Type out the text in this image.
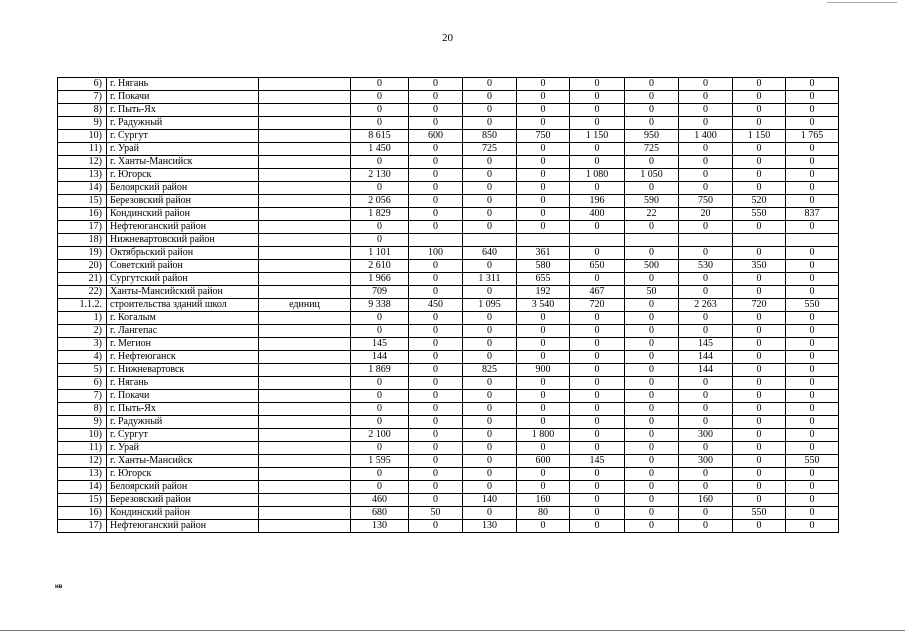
20
6)	г. Нягань		0	0	0	0	0	0	0	0	0
7)	г. Покачи		0	0	0	0	0	0	0	0	0
8)	г. Пыть-Ях		0	0	0	0	0	0	0	0	0
9)	г. Радужный		0	0	0	0	0	0	0	0	0
10)	г. Сургут		8 615	600	850	750	1 150	950	1 400	1 150	1 765
11)	г. Урай		1 450	0	725	0	0	725	0	0	0
12)	г. Ханты-Мансийск		0	0	0	0	0	0	0	0	0
13)	г. Югорск		2 130	0	0	0	1 080	1 050	0	0	0
14)	Белоярский район		0	0	0	0	0	0	0	0	0
15)	Березовский район		2 056	0	0	0	196	590	750	520	0
16)	Кондинский район		1 829	0	0	0	400	22	20	550	837
17)	Нефтеюганский район		0	0	0	0	0	0	0	0	0
18)	Нижневартовский район		0								
19)	Октябрьский район		1 101	100	640	361	0	0	0	0	0
20)	Советский район		2 610	0	0	580	650	500	530	350	0
21)	Сургутский район		1 966	0	1 311	655	0	0	0	0	0
22)	Ханты-Мансийский район		709	0	0	192	467	50	0	0	0
1.1.2.	строительства зданий школ	единиц	9 338	450	1 095	3 540	720	0	2 263	720	550
1)	г. Когалым		0	0	0	0	0	0	0	0	0
2)	г. Лангепас		0	0	0	0	0	0	0	0	0
3)	г. Мегион		145	0	0	0	0	0	145	0	0
4)	г. Нефтеюганск		144	0	0	0	0	0	144	0	0
5)	г. Нижневартовск		1 869	0	825	900	0	0	144	0	0
6)	г. Нягань		0	0	0	0	0	0	0	0	0
7)	г. Покачи		0	0	0	0	0	0	0	0	0
8)	г. Пыть-Ях		0	0	0	0	0	0	0	0	0
9)	г. Радужный		0	0	0	0	0	0	0	0	0
10)	г. Сургут		2 100	0	0	1 800	0	0	300	0	0
11)	г. Урай		0	0	0	0	0	0	0	0	0
12)	г. Ханты-Мансийск		1 595	0	0	600	145	0	300	0	550
13)	г. Югорск		0	0	0	0	0	0	0	0	0
14)	Белоярский район		0	0	0	0	0	0	0	0	0
15)	Березовский район		460	0	140	160	0	0	160	0	0
16)	Кондинский район		680	50	0	80	0	0	0	550	0
17)	Нефтеюганский район		130	0	130	0	0	0	0	0	0
нв
